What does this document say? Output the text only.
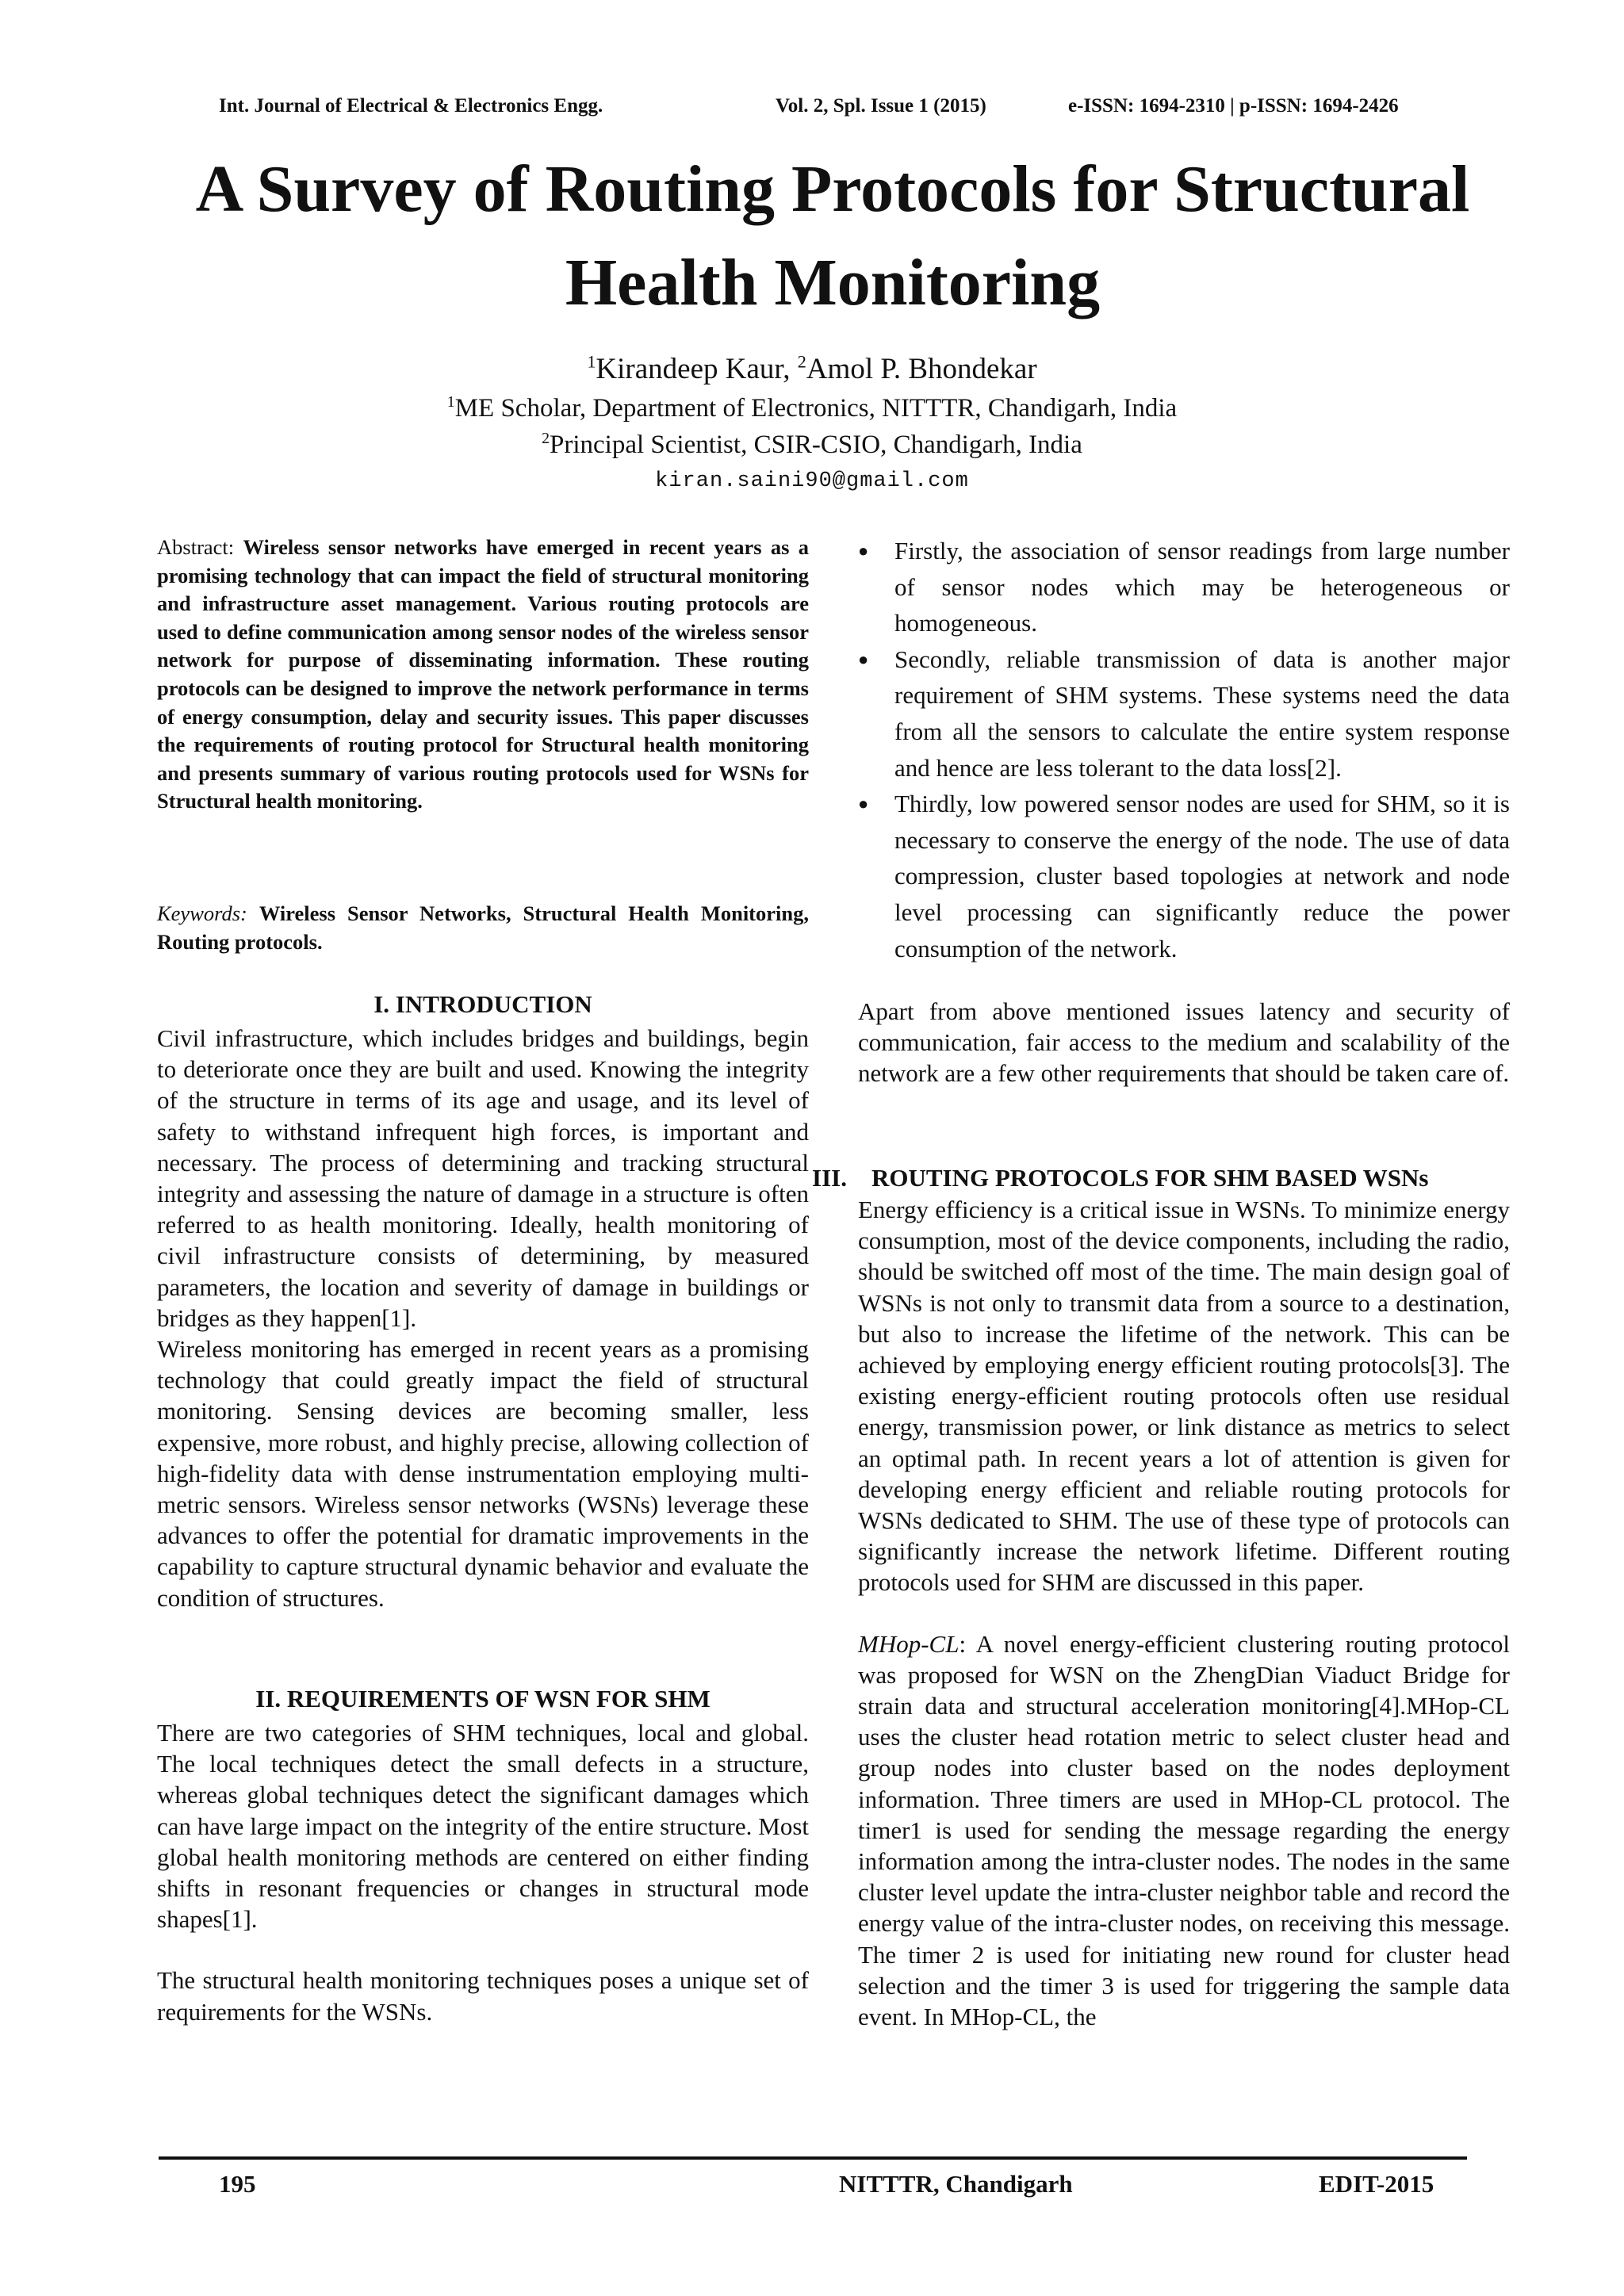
Int. Journal of Electrical & Electronics Engg.	Vol. 2, Spl. Issue 1 (2015)	e-ISSN: 1694-2310 | p-ISSN: 1694-2426
A Survey of Routing Protocols for Structural Health Monitoring
$^1$Kirandeep Kaur, $^2$Amol P. Bhondekar
$^1$ME Scholar, Department of Electronics, NITTTR, Chandigarh, India
$^2$Principal Scientist, CSIR-CSIO, Chandigarh, India
kiran.saini90@gmail.com
Abstract: Wireless sensor networks have emerged in recent years as a promising technology that can impact the field of structural monitoring and infrastructure asset management. Various routing protocols are used to define communication among sensor nodes of the wireless sensor network for purpose of disseminating information. These routing protocols can be designed to improve the network performance in terms of energy consumption, delay and security issues. This paper discusses the requirements of routing protocol for Structural health monitoring and presents summary of various routing protocols used for WSNs for Structural health monitoring.
Keywords: Wireless Sensor Networks, Structural Health Monitoring, Routing protocols.
I. INTRODUCTION

Civil infrastructure, which includes bridges and buildings, begin to deteriorate once they are built and used. Knowing the integrity of the structure in terms of its age and usage, and its level of safety to withstand infrequent high forces, is important and necessary. The process of determining and tracking structural integrity and assessing the nature of damage in a structure is often referred to as health monitoring. Ideally, health monitoring of civil infrastructure consists of determining, by measured parameters, the location and severity of damage in buildings or bridges as they happen[1].

Wireless monitoring has emerged in recent years as a promising technology that could greatly impact the field of structural monitoring. Sensing devices are becoming smaller, less expensive, more robust, and highly precise, allowing collection of high-fidelity data with dense instrumentation employing multi-metric sensors. Wireless sensor networks (WSNs) leverage these advances to offer the potential for dramatic improvements in the capability to capture structural dynamic behavior and evaluate the condition of structures.

II. REQUIREMENTS OF WSN FOR SHM

There are two categories of SHM techniques, local and global. The local techniques detect the small defects in a structure, whereas global techniques detect the significant damages which can have large impact on the integrity of the entire structure. Most global health monitoring methods are centered on either finding shifts in resonant frequencies or changes in structural mode shapes[1].

The structural health monitoring techniques poses a unique set of requirements for the WSNs.

● Firstly, the association of sensor readings from large number of sensor nodes which may be heterogeneous or homogeneous.
● Secondly, reliable transmission of data is another major requirement of SHM systems. These systems need the data from all the sensors to calculate the entire system response and hence are less tolerant to the data loss[2].
● Thirdly, low powered sensor nodes are used for SHM, so it is necessary to conserve the energy of the node. The use of data compression, cluster based topologies at network and node level processing can significantly reduce the power consumption of the network.

Apart from above mentioned issues latency and security of communication, fair access to the medium and scalability of the network are a few other requirements that should be taken care of.

III. ROUTING PROTOCOLS FOR SHM BASED WSNs

Energy efficiency is a critical issue in WSNs. To minimize energy consumption, most of the device components, including the radio, should be switched off most of the time. The main design goal of WSNs is not only to transmit data from a source to a destination, but also to increase the lifetime of the network. This can be achieved by employing energy efficient routing protocols[3]. The existing energy-efficient routing protocols often use residual energy, transmission power, or link distance as metrics to select an optimal path. In recent years a lot of attention is given for developing energy efficient and reliable routing protocols for WSNs dedicated to SHM. The use of these type of protocols can significantly increase the network lifetime. Different routing protocols used for SHM are discussed in this paper.

MHop-CL: A novel energy-efficient clustering routing protocol was proposed for WSN on the ZhengDian Viaduct Bridge for strain data and structural acceleration monitoring[4].MHop-CL uses the cluster head rotation metric to select cluster head and group nodes into cluster based on the nodes deployment information. Three timers are used in MHop-CL protocol. The timer1 is used for sending the message regarding the energy information among the intra-cluster nodes. The nodes in the same cluster level update the intra-cluster neighbor table and record the energy value of the intra-cluster nodes, on receiving this message. The timer 2 is used for initiating new round for cluster head selection and the timer 3 is used for triggering the sample data event. In MHop-CL, the

195	NITTTR, Chandigarh	EDIT-2015
